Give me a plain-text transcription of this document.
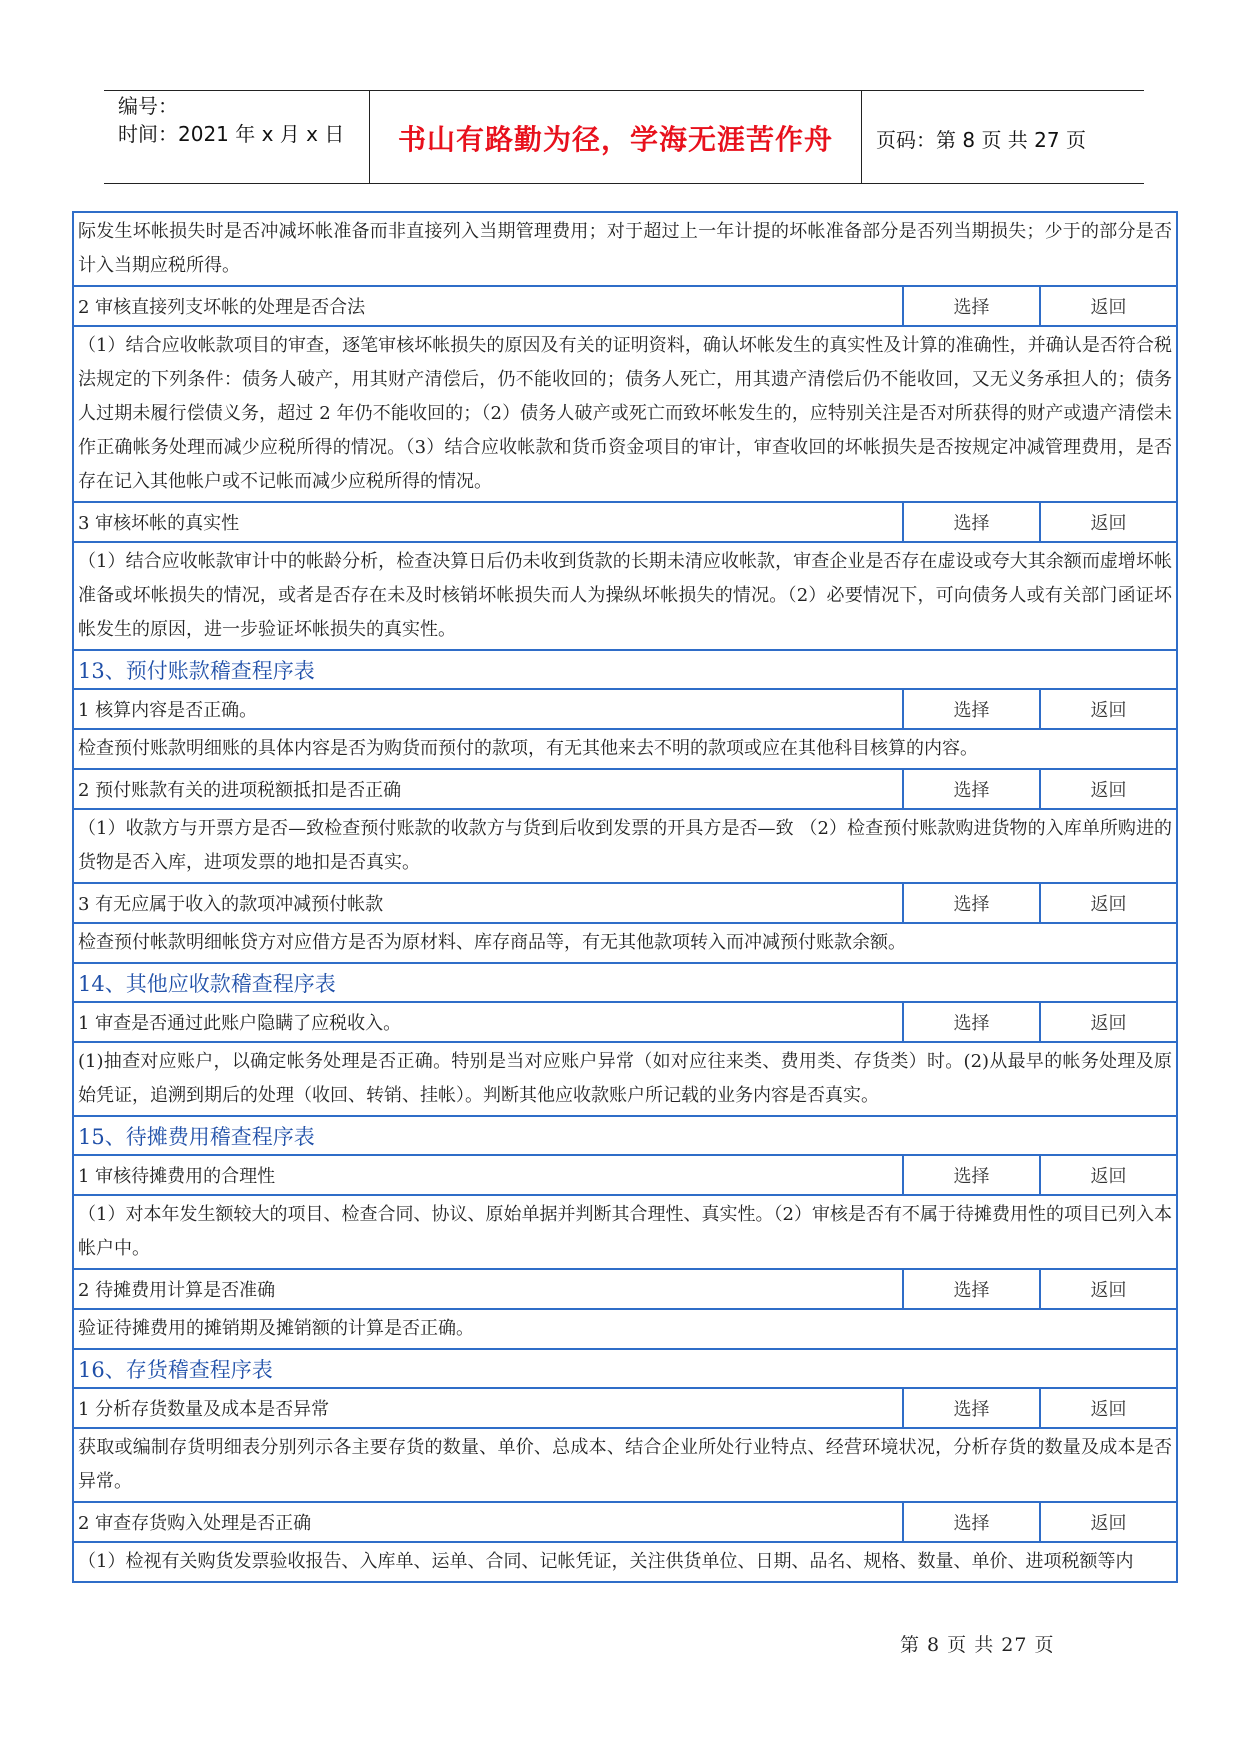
编号：
时间：2021 年 x 月 x 日	书山有路勤为径，学海无涯苦作舟	页码：第 8 页 共 27 页
际发生坏帐损失时是否冲减坏帐准备而非直接列入当期管理费用；对于超过上一年计提的坏帐准备部分是否列当期损失；少于的部分是否计入当期应税所得。
2 审核直接列支坏帐的处理是否合法	选择	返回
（1）结合应收帐款项目的审查，逐笔审核坏帐损失的原因及有关的证明资料，确认坏帐发生的真实性及计算的准确性，并确认是否符合税法规定的下列条件：债务人破产，用其财产清偿后，仍不能收回的；债务人死亡，用其遗产清偿后仍不能收回，又无义务承担人的；债务人过期未履行偿债义务，超过 2 年仍不能收回的；（2）债务人破产或死亡而致坏帐发生的，应特别关注是否对所获得的财产或遗产清偿未作正确帐务处理而减少应税所得的情况。（3）结合应收帐款和货币资金项目的审计，审查收回的坏帐损失是否按规定冲减管理费用，是否存在记入其他帐户或不记帐而减少应税所得的情况。
3 审核坏帐的真实性	选择	返回
（1）结合应收帐款审计中的帐龄分析，检查决算日后仍未收到货款的长期未清应收帐款，审查企业是否存在虚设或夸大其余额而虚增坏帐准备或坏帐损失的情况，或者是否存在未及时核销坏帐损失而人为操纵坏帐损失的情况。（2）必要情况下，可向债务人或有关部门函证坏帐发生的原因，进一步验证坏帐损失的真实性。
13、预付账款稽查程序表
1 核算内容是否正确。	选择	返回
检查预付账款明细账的具体内容是否为购货而预付的款项，有无其他来去不明的款项或应在其他科目核算的内容。
2 预付账款有关的进项税额抵扣是否正确	选择	返回
（1）收款方与开票方是否—致检查预付账款的收款方与货到后收到发票的开具方是否—致 （2）检查预付账款购进货物的入库单所购进的货物是否入库，进项发票的地扣是否真实。
3 有无应属于收入的款项冲减预付帐款	选择	返回
检查预付帐款明细帐贷方对应借方是否为原材料、库存商品等，有无其他款项转入而冲减预付账款余额。
14、其他应收款稽查程序表
1 审查是否通过此账户隐瞒了应税收入。	选择	返回
(1)抽查对应账户，以确定帐务处理是否正确。特别是当对应账户异常（如对应往来类、费用类、存货类）时。(2)从最早的帐务处理及原始凭证，追溯到期后的处理（收回、转销、挂帐）。判断其他应收款账户所记载的业务内容是否真实。
15、待摊费用稽查程序表
1 审核待摊费用的合理性	选择	返回
（1）对本年发生额较大的项目、检查合同、协议、原始单据并判断其合理性、真实性。（2）审核是否有不属于待摊费用性的项目已列入本帐户中。
2 待摊费用计算是否准确	选择	返回
验证待摊费用的摊销期及摊销额的计算是否正确。
16、存货稽查程序表
1 分析存货数量及成本是否异常	选择	返回
获取或编制存货明细表分别列示各主要存货的数量、单价、总成本、结合企业所处行业特点、经营环境状况，分析存货的数量及成本是否异常。
2 审查存货购入处理是否正确	选择	返回
（1）检视有关购货发票验收报告、入库单、运单、合同、记帐凭证，关注供货单位、日期、品名、规格、数量、单价、进项税额等内
第 8 页 共 27 页
